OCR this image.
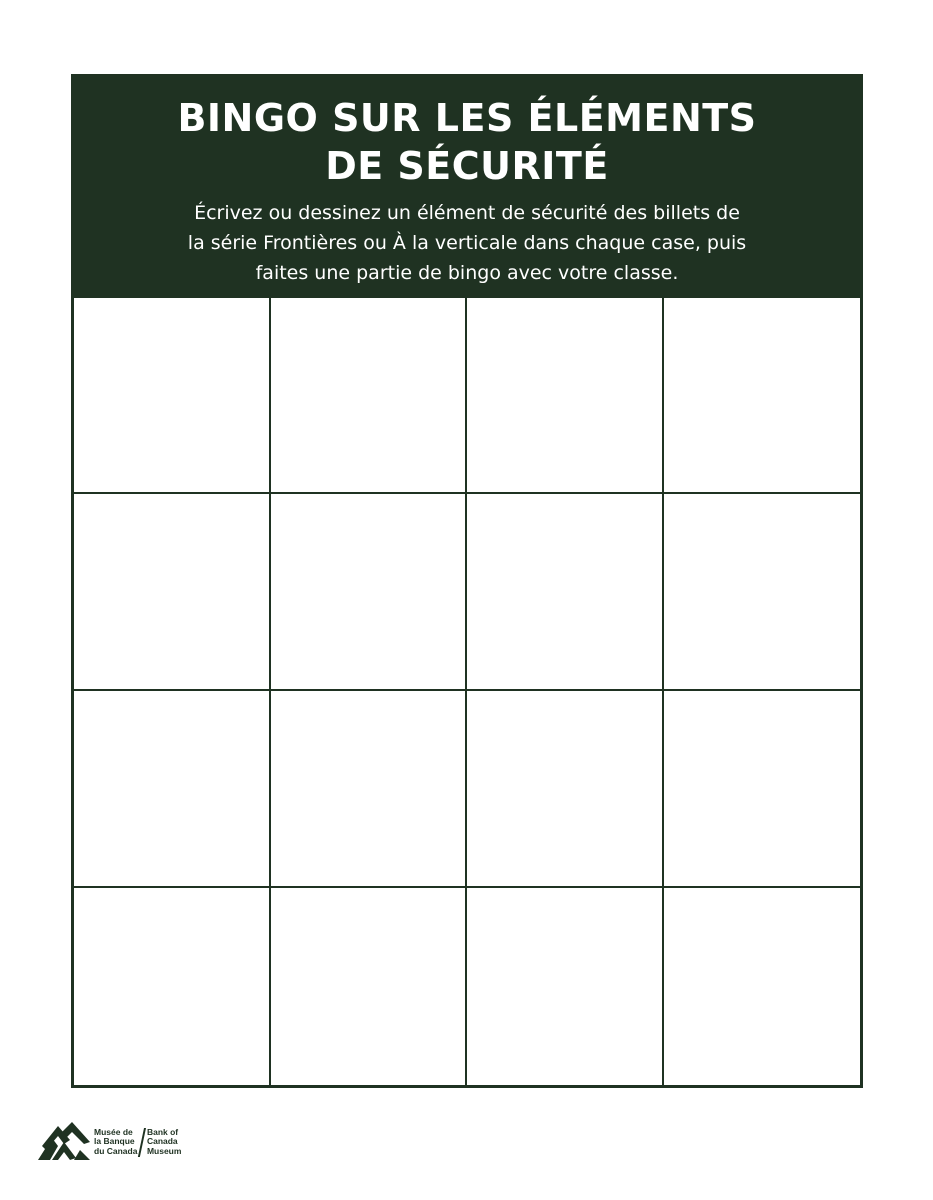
BINGO SUR LES ÉLÉMENTS
DE SÉCURITÉ

Écrivez ou dessinez un élément de sécurité des billets de
la série Frontières ou À la verticale dans chaque case, puis
faites une partie de bingo avec votre classe.

Musée de
la Banque
du Canada
Bank of
Canada
Museum
